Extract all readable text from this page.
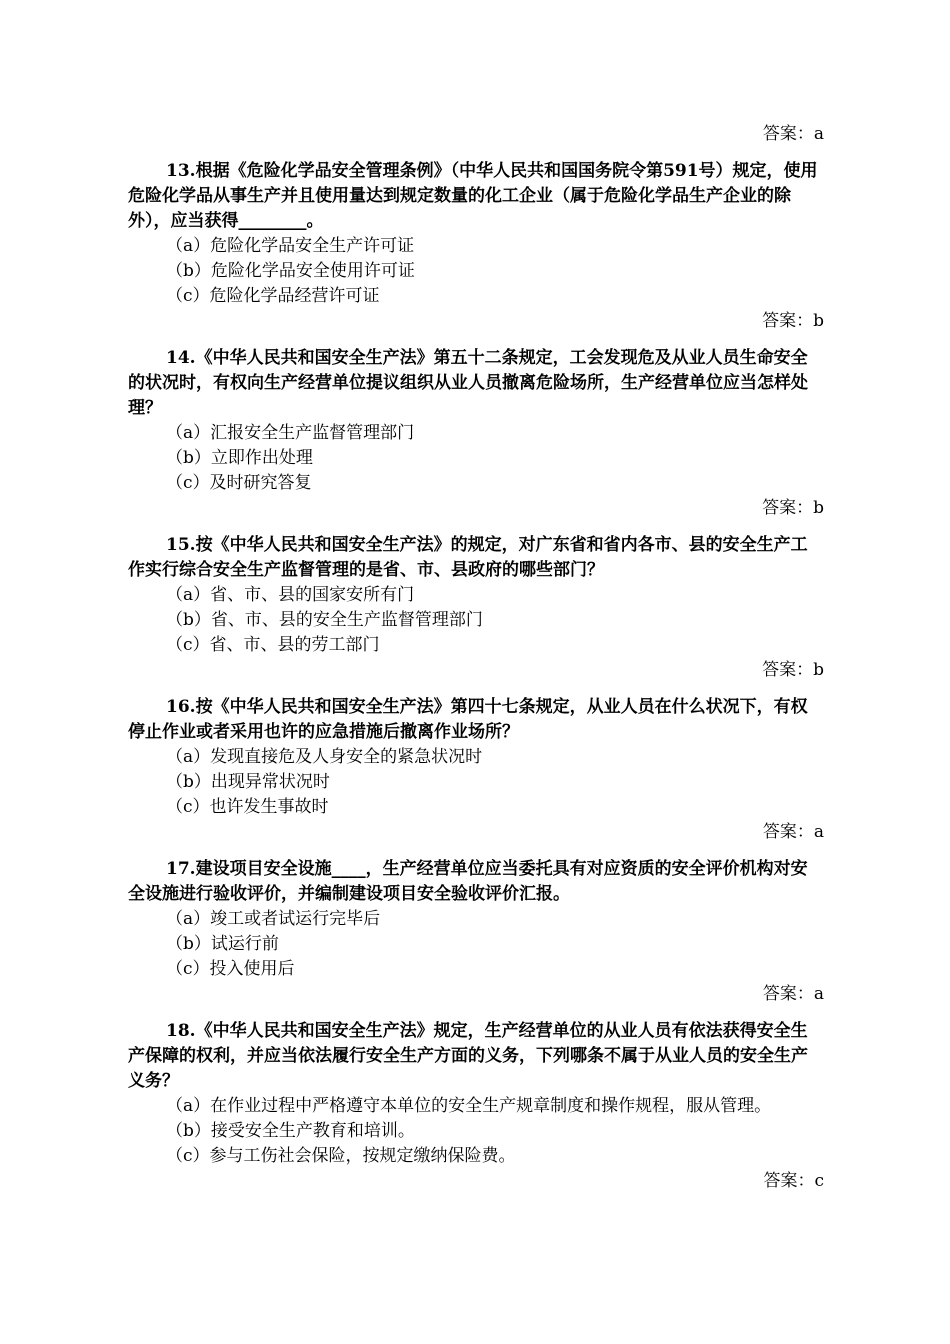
答案：a

13.根据《危险化学品安全管理条例》（中华人民共和国国务院令第591号）规定，使用危险化学品从事生产并且使用量达到规定数量的化工企业（属于危险化学品生产企业的除外），应当获得________。

（a）危险化学品安全生产许可证

（b）危险化学品安全使用许可证

（c）危险化学品经营许可证

答案：b

14.《中华人民共和国安全生产法》第五十二条规定，工会发现危及从业人员生命安全的状况时，有权向生产经营单位提议组织从业人员撤离危险场所，生产经营单位应当怎样处理？

（a）汇报安全生产监督管理部门

（b）立即作出处理

（c）及时研究答复

答案：b

15.按《中华人民共和国安全生产法》的规定，对广东省和省内各市、县的安全生产工作实行综合安全生产监督管理的是省、市、县政府的哪些部门？

（a）省、市、县的国家安所有门

（b）省、市、县的安全生产监督管理部门

（c）省、市、县的劳工部门

答案：b

16.按《中华人民共和国安全生产法》第四十七条规定，从业人员在什么状况下，有权停止作业或者采用也许的应急措施后撤离作业场所？

（a）发现直接危及人身安全的紧急状况时

（b）出现异常状况时

（c）也许发生事故时

答案：a

17.建设项目安全设施____，生产经营单位应当委托具有对应资质的安全评价机构对安全设施进行验收评价，并编制建设项目安全验收评价汇报。

（a）竣工或者试运行完毕后

（b）试运行前

（c）投入使用后

答案：a

18.《中华人民共和国安全生产法》规定，生产经营单位的从业人员有依法获得安全生产保障的权利，并应当依法履行安全生产方面的义务，下列哪条不属于从业人员的安全生产义务？

（a）在作业过程中严格遵守本单位的安全生产规章制度和操作规程，服从管理。

（b）接受安全生产教育和培训。

（c）参与工伤社会保险，按规定缴纳保险费。

答案：c
